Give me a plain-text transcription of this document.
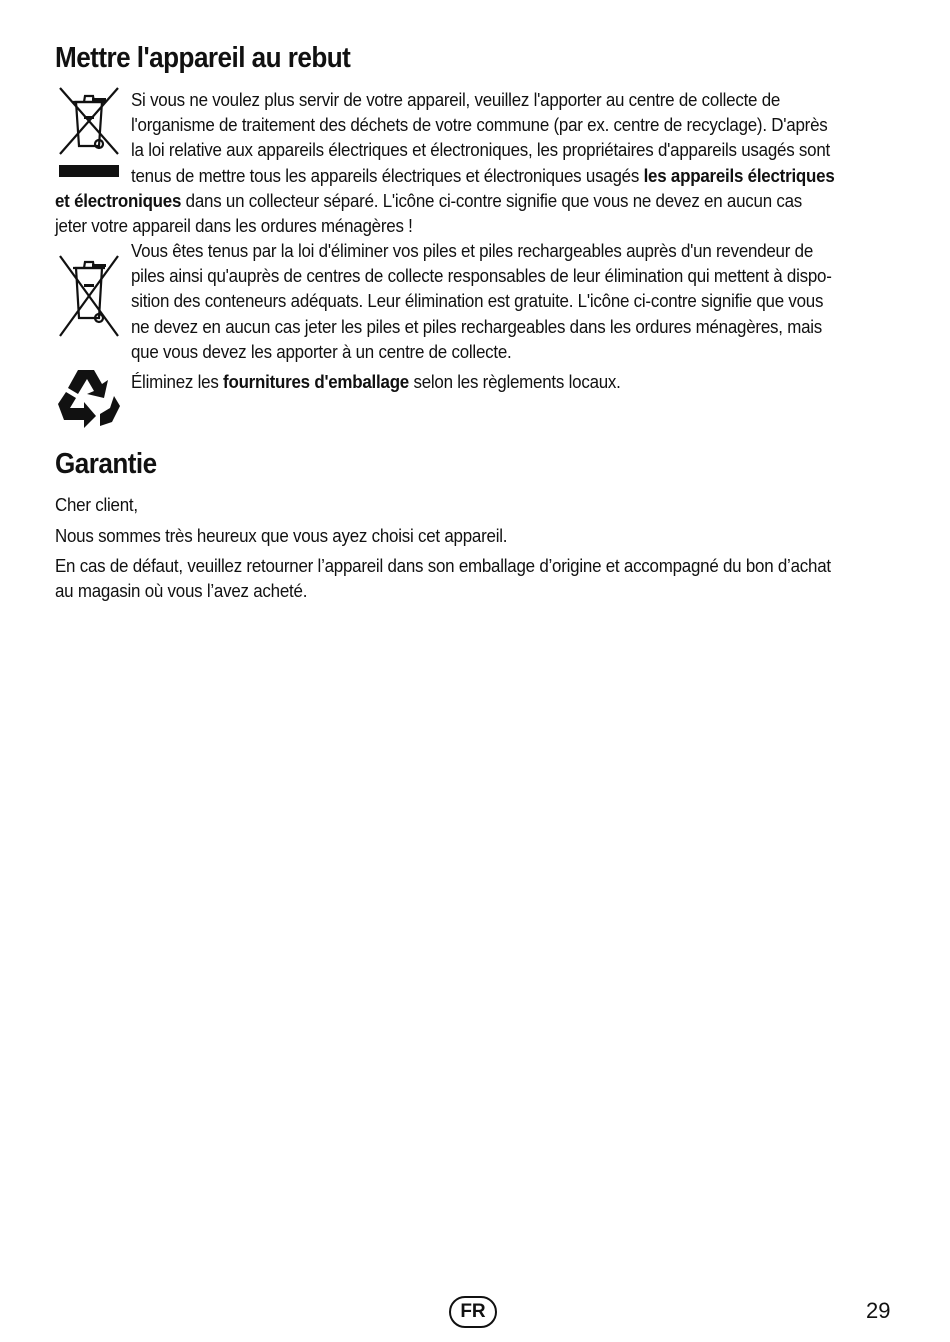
Mettre l'appareil au rebut
Si vous ne voulez plus servir de votre appareil, veuillez l'apporter au centre de collecte de
l'organisme de traitement des déchets de votre commune (par ex. centre de recyclage). D'après
la loi relative aux appareils électriques et électroniques, les propriétaires d'appareils usagés sont
tenus de mettre tous les appareils électriques et électroniques usagés les appareils électriques
et électroniques dans un collecteur séparé. L'icône ci-contre signifie que vous ne devez en aucun cas
jeter votre appareil dans les ordures ménagères !
Vous êtes tenus par la loi d'éliminer vos piles et piles rechargeables auprès d'un revendeur de
piles ainsi qu'auprès de centres de collecte responsables de leur élimination qui mettent à dispo-
sition des conteneurs adéquats. Leur élimination est gratuite. L'icône ci-contre signifie que vous
ne devez en aucun cas jeter les piles et piles rechargeables dans les ordures ménagères, mais
que vous devez les apporter à un centre de collecte.
Éliminez les fournitures d'emballage selon les règlements locaux.
Garantie
Cher client,
Nous sommes très heureux que vous ayez choisi cet appareil.
En cas de défaut, veuillez retourner l’appareil dans son emballage d’origine et accompagné du bon d’achat
au magasin où vous l’avez acheté.
FR	29
